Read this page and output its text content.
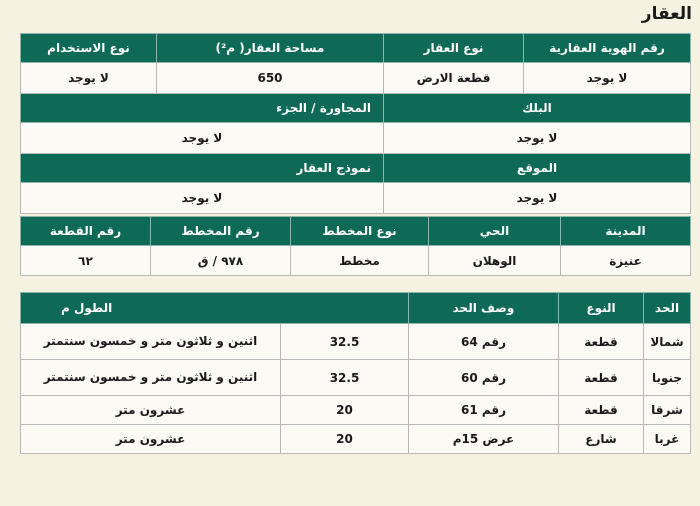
العقار
رقم الهوية العقارية	نوع العقار	مساحة العقار( م²)	نوع الاستخدام
لا يوجد	قطعة الارض	650	لا يوجد
البلك		المجاورة / الجزء	
لا يوجد		لا يوجد	
الموقع		نموذج العقار	
لا يوجد		لا يوجد	
المدينة	الحي	نوع المخطط	رقم المخطط	رقم القطعة
عنيزة	الوهلان	مخطط	٩٧٨ / ق	٦٢
الحد	النوع	وصف الحد	الطول م	
شمالا	قطعة	رقم 64	32.5	اثنين و ثلاثون متر و خمسون سنتمتر
جنوبا	قطعة	رقم 60	32.5	اثنين و ثلاثون متر و خمسون سنتمتر
شرقا	قطعة	رقم 61	20	عشرون متر
غربا	شارع	عرض 15م	20	عشرون متر
